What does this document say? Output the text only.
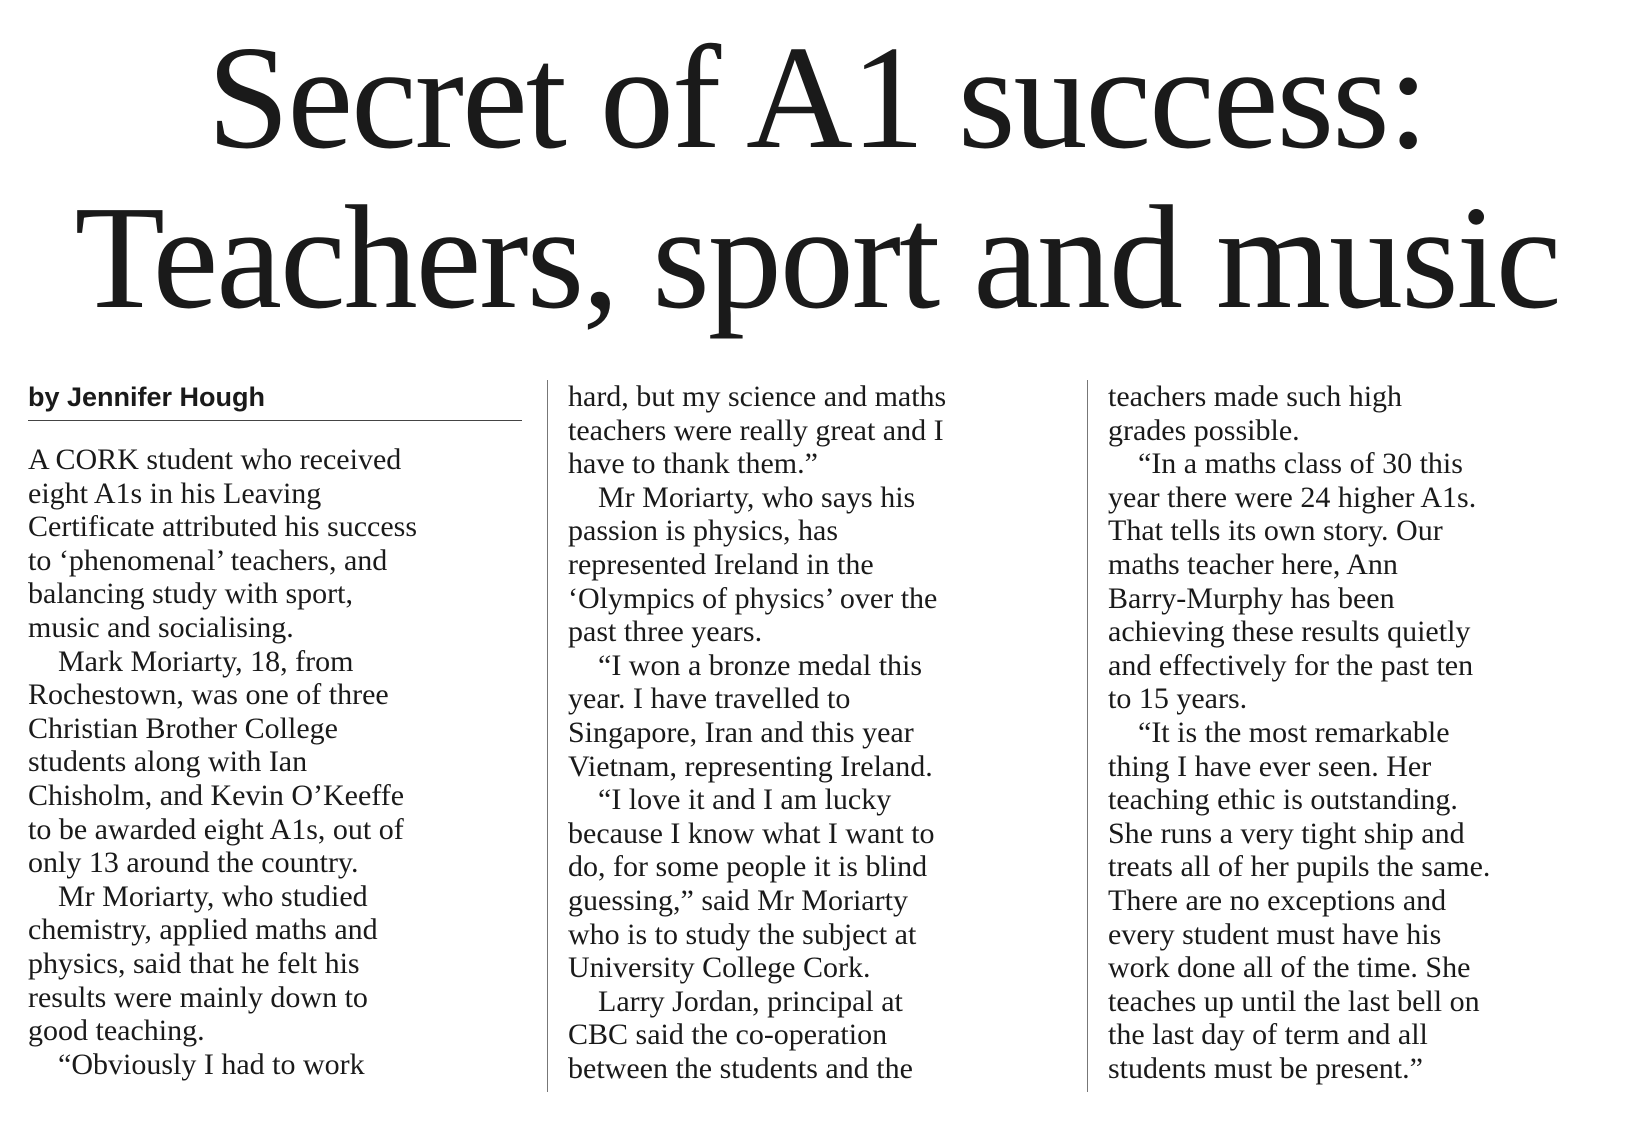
Secret of A1 success:
Teachers, sport and music
by Jennifer Hough
A CORK student who received
eight A1s in his Leaving
Certificate attributed his success
to ‘phenomenal’ teachers, and
balancing study with sport,
music and socialising.
Mark Moriarty, 18, from
Rochestown, was one of three
Christian Brother College
students along with Ian
Chisholm, and Kevin O’Keeffe
to be awarded eight A1s, out of
only 13 around the country.
Mr Moriarty, who studied
chemistry, applied maths and
physics, said that he felt his
results were mainly down to
good teaching.
“Obviously I had to work
hard, but my science and maths
teachers were really great and I
have to thank them.”
Mr Moriarty, who says his
passion is physics, has
represented Ireland in the
‘Olympics of physics’ over the
past three years.
“I won a bronze medal this
year. I have travelled to
Singapore, Iran and this year
Vietnam, representing Ireland.
“I love it and I am lucky
because I know what I want to
do, for some people it is blind
guessing,” said Mr Moriarty
who is to study the subject at
University College Cork.
Larry Jordan, principal at
CBC said the co-operation
between the students and the
teachers made such high
grades possible.
“In a maths class of 30 this
year there were 24 higher A1s.
That tells its own story. Our
maths teacher here, Ann
Barry-Murphy has been
achieving these results quietly
and effectively for the past ten
to 15 years.
“It is the most remarkable
thing I have ever seen. Her
teaching ethic is outstanding.
She runs a very tight ship and
treats all of her pupils the same.
There are no exceptions and
every student must have his
work done all of the time. She
teaches up until the last bell on
the last day of term and all
students must be present.”
